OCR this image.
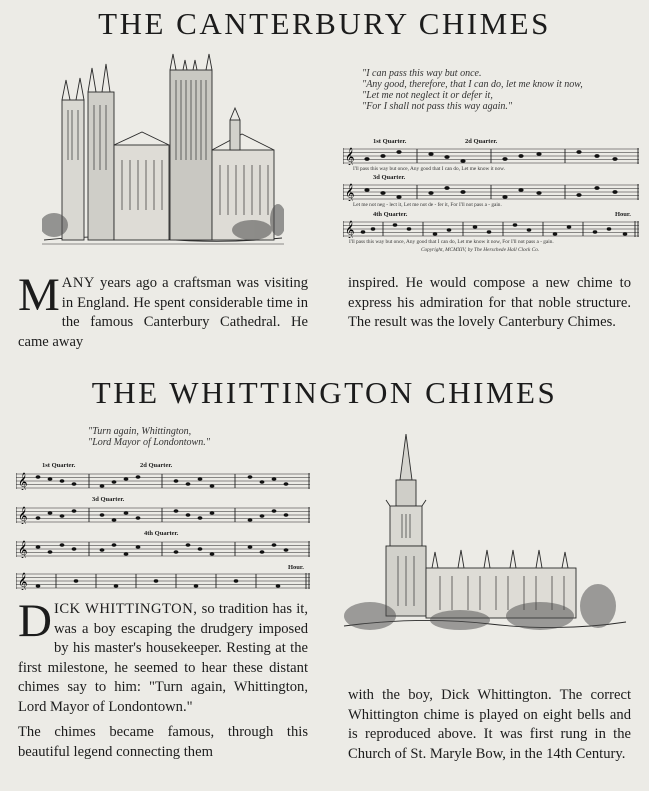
THE CANTERBURY CHIMES
"I can pass this way but once.
"Any good, therefore, that I can do, let me know it now,
"Let me not neglect it or defer it,
"For I shall not pass this way again."
1st Quarter.	2d Quarter.
𝄞
I'll pass this way but once, Any good that I can do, Let me know it now.
3d Quarter.
𝄞
Let me not neg - lect it, Let me not de - fer it, For I'll not pass a - gain.
4th Quarter.	Hour.
𝄞
I'll pass this way but once, Any good that I can do, Let me know it now, For I'll not pass a - gain.
Copyright, MCMXIV, by The Herschede Hall Clock Co.

MANY years ago a craftsman was visiting in England. He spent considerable time in the famous Canterbury Cathedral. He came away

inspired. He would compose a new chime to express his admiration for that noble structure. The result was the lovely Canterbury Chimes.

THE WHITTINGTON CHIMES
"Turn again, Whittington,
"Lord Mayor of Londontown."
1st Quarter.	2d Quarter.
𝄞
3d Quarter.
𝄞
4th Quarter.
𝄞
Hour.
𝄞

DICK WHITTINGTON, so tradition has it, was a boy escaping the drudgery imposed by his master's housekeeper. Resting at the first milestone, he seemed to hear these distant chimes say to him: "Turn again, Whittington, Lord Mayor of Londontown."

The chimes became famous, through this beautiful legend connecting them

with the boy, Dick Whittington. The correct Whittington chime is played on eight bells and is reproduced above. It was first rung in the Church of St. Maryle Bow, in the 14th Century.
